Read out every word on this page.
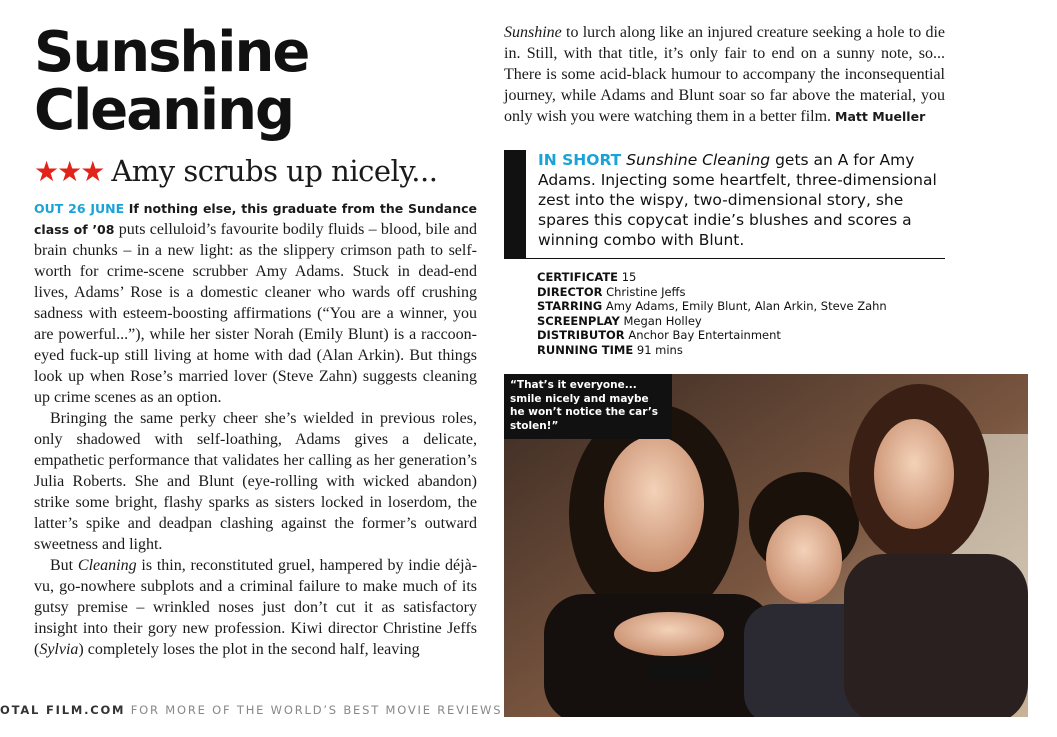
Sunshine
Cleaning
★★★ Amy scrubs up nicely...

OUT 26 JUNE If nothing else, this graduate from the Sundance class of ’08 puts celluloid’s favourite bodily fluids – blood, bile and brain chunks – in a new light: as the slippery crimson path to self-worth for crime-scene scrubber Amy Adams. Stuck in dead-end lives, Adams’ Rose is a domestic cleaner who wards off crushing sadness with esteem-boosting affirmations (“You are a winner, you are powerful...”), while her sister Norah (Emily Blunt) is a raccoon-eyed fuck-up still living at home with dad (Alan Arkin). But things look up when Rose’s married lover (Steve Zahn) suggests cleaning up crime scenes as an option.

Bringing the same perky cheer she’s wielded in previous roles, only shadowed with self-loathing, Adams gives a delicate, empathetic performance that validates her calling as her generation’s Julia Roberts. She and Blunt (eye-rolling with wicked abandon) strike some bright, flashy sparks as sisters locked in loserdom, the latter’s spike and deadpan clashing against the former’s outward sweetness and light.

But Cleaning is thin, reconstituted gruel, hampered by indie déjà-vu, go-nowhere subplots and a criminal failure to make much of its gutsy premise – wrinkled noses just don’t cut it as satisfactory insight into their gory new profession. Kiwi director Christine Jeffs (Sylvia) completely loses the plot in the second half, leaving

Sunshine to lurch along like an injured creature seeking a hole to die in. Still, with that title, it’s only fair to end on a sunny note, so... There is some acid-black humour to accompany the inconsequential journey, while Adams and Blunt soar so far above the material, you only wish you were watching them in a better film. Matt Mueller

IN SHORT Sunshine Cleaning gets an A for Amy Adams. Injecting some heartfelt, three-dimensional zest into the wispy, two-dimensional story, she spares this copycat indie’s blushes and scores a winning combo with Blunt.
CERTIFICATE 15
DIRECTOR Christine Jeffs
STARRING Amy Adams, Emily Blunt, Alan Arkin, Steve Zahn
SCREENPLAY Megan Holley
DISTRIBUTOR Anchor Bay Entertainment
RUNNING TIME 91 mins
“That’s it everyone... smile nicely and maybe he won’t notice the car’s stolen!”
OTAL FILM.COM FOR MORE OF THE WORLD’S BEST MOVIE REVIEWS
